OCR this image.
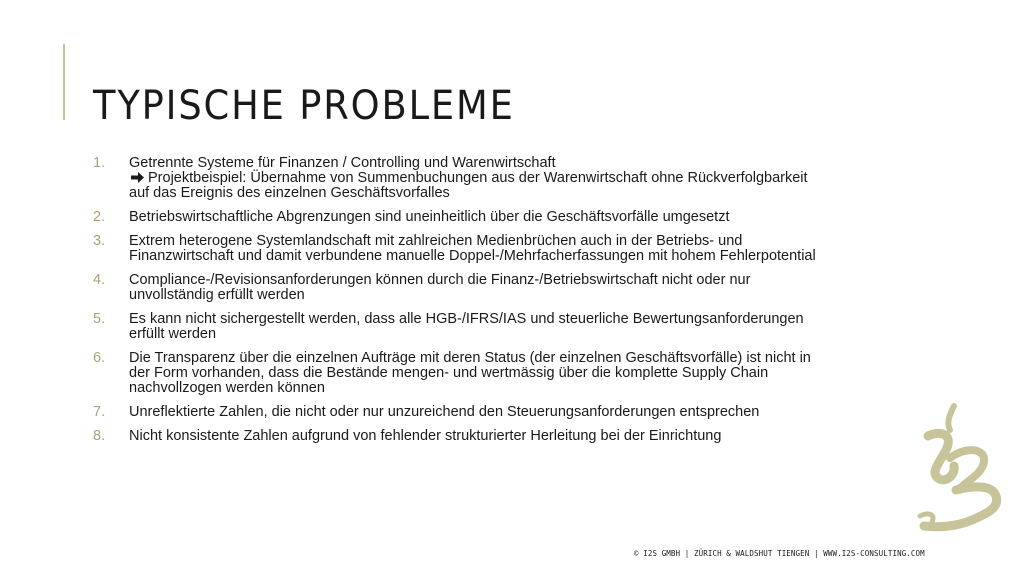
TYPISCHE PROBLEME
1.	Getrennte Systeme für Finanzen / Controlling und Warenwirtschaft
Projektbeispiel: Übernahme von Summenbuchungen aus der Warenwirtschaft ohne Rückverfolgbarkeit
auf das Ereignis des einzelnen Geschäftsvorfalles
2.	Betriebswirtschaftliche Abgrenzungen sind uneinheitlich über die Geschäftsvorfälle umgesetzt
3.	Extrem heterogene Systemlandschaft mit zahlreichen Medienbrüchen auch in der Betriebs- und
Finanzwirtschaft und damit verbundene manuelle Doppel-/Mehrfacherfassungen mit hohem Fehlerpotential
4.	Compliance-/Revisionsanforderungen können durch die Finanz-/Betriebswirtschaft nicht oder nur
unvollständig erfüllt werden
5.	Es kann nicht sichergestellt werden, dass alle HGB-/IFRS/IAS und steuerliche Bewertungsanforderungen
erfüllt werden
6.	Die Transparenz über die einzelnen Aufträge mit deren Status (der einzelnen Geschäftsvorfälle) ist nicht in
der Form vorhanden, dass die Bestände mengen- und wertmässig über die komplette Supply Chain
nachvollzogen werden können
7.	Unreflektierte Zahlen, die nicht oder nur unzureichend den Steuerungsanforderungen entsprechen
8.	Nicht konsistente Zahlen aufgrund von fehlender strukturierter Herleitung bei der Einrichtung
© I2S GMBH | ZÜRICH & WALDSHUT TIENGEN | WWW.I2S-CONSULTING.COM
